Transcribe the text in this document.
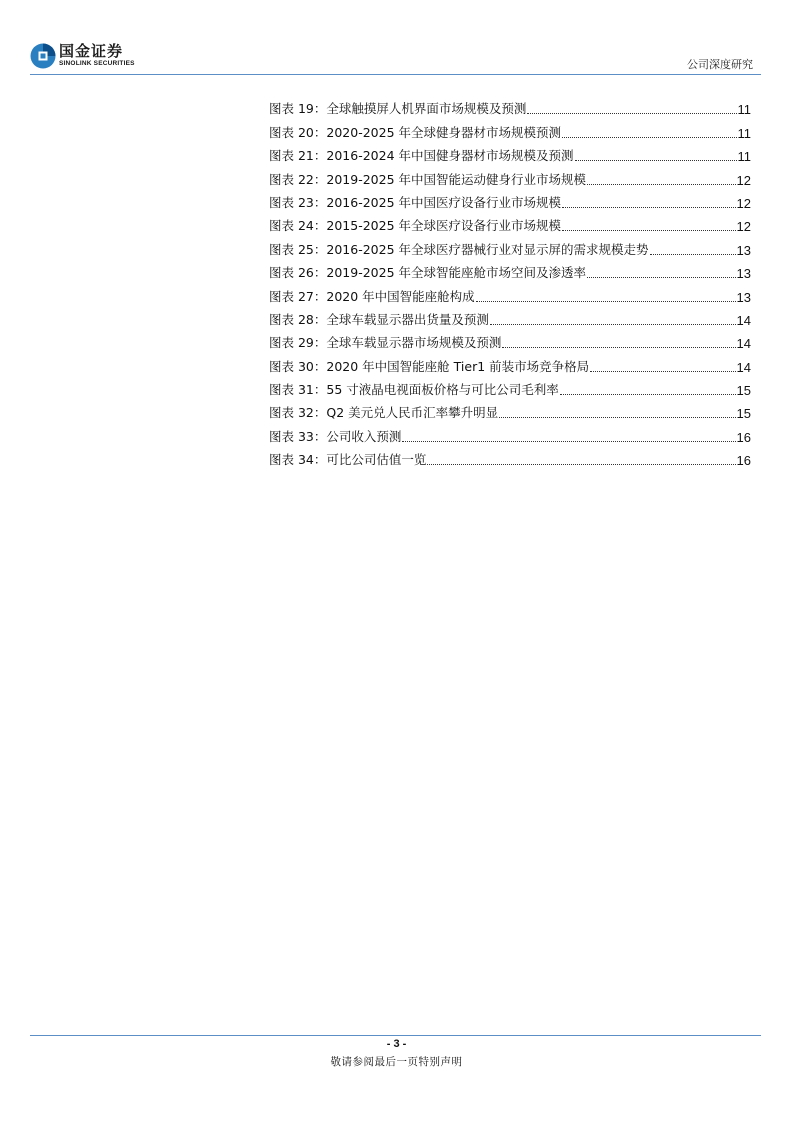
国金证券
SINOLINK SECURITIES	公司深度研究
图表 19：全球触摸屏人机界面市场规模及预测	11
图表 20：2020-2025 年全球健身器材市场规模预测	11
图表 21：2016-2024 年中国健身器材市场规模及预测	11
图表 22：2019-2025 年中国智能运动健身行业市场规模	12
图表 23：2016-2025 年中国医疗设备行业市场规模	12
图表 24：2015-2025 年全球医疗设备行业市场规模	12
图表 25：2016-2025 年全球医疗器械行业对显示屏的需求规模走势	13
图表 26：2019-2025 年全球智能座舱市场空间及渗透率	13
图表 27：2020 年中国智能座舱构成	13
图表 28：全球车载显示器出货量及预测	14
图表 29：全球车载显示器市场规模及预测	14
图表 30：2020 年中国智能座舱 Tier1 前装市场竞争格局	14
图表 31：55 寸液晶电视面板价格与可比公司毛利率	15
图表 32：Q2 美元兑人民币汇率攀升明显	15
图表 33：公司收入预测	16
图表 34：可比公司估值一览	16
- 3 -
敬请参阅最后一页特别声明
